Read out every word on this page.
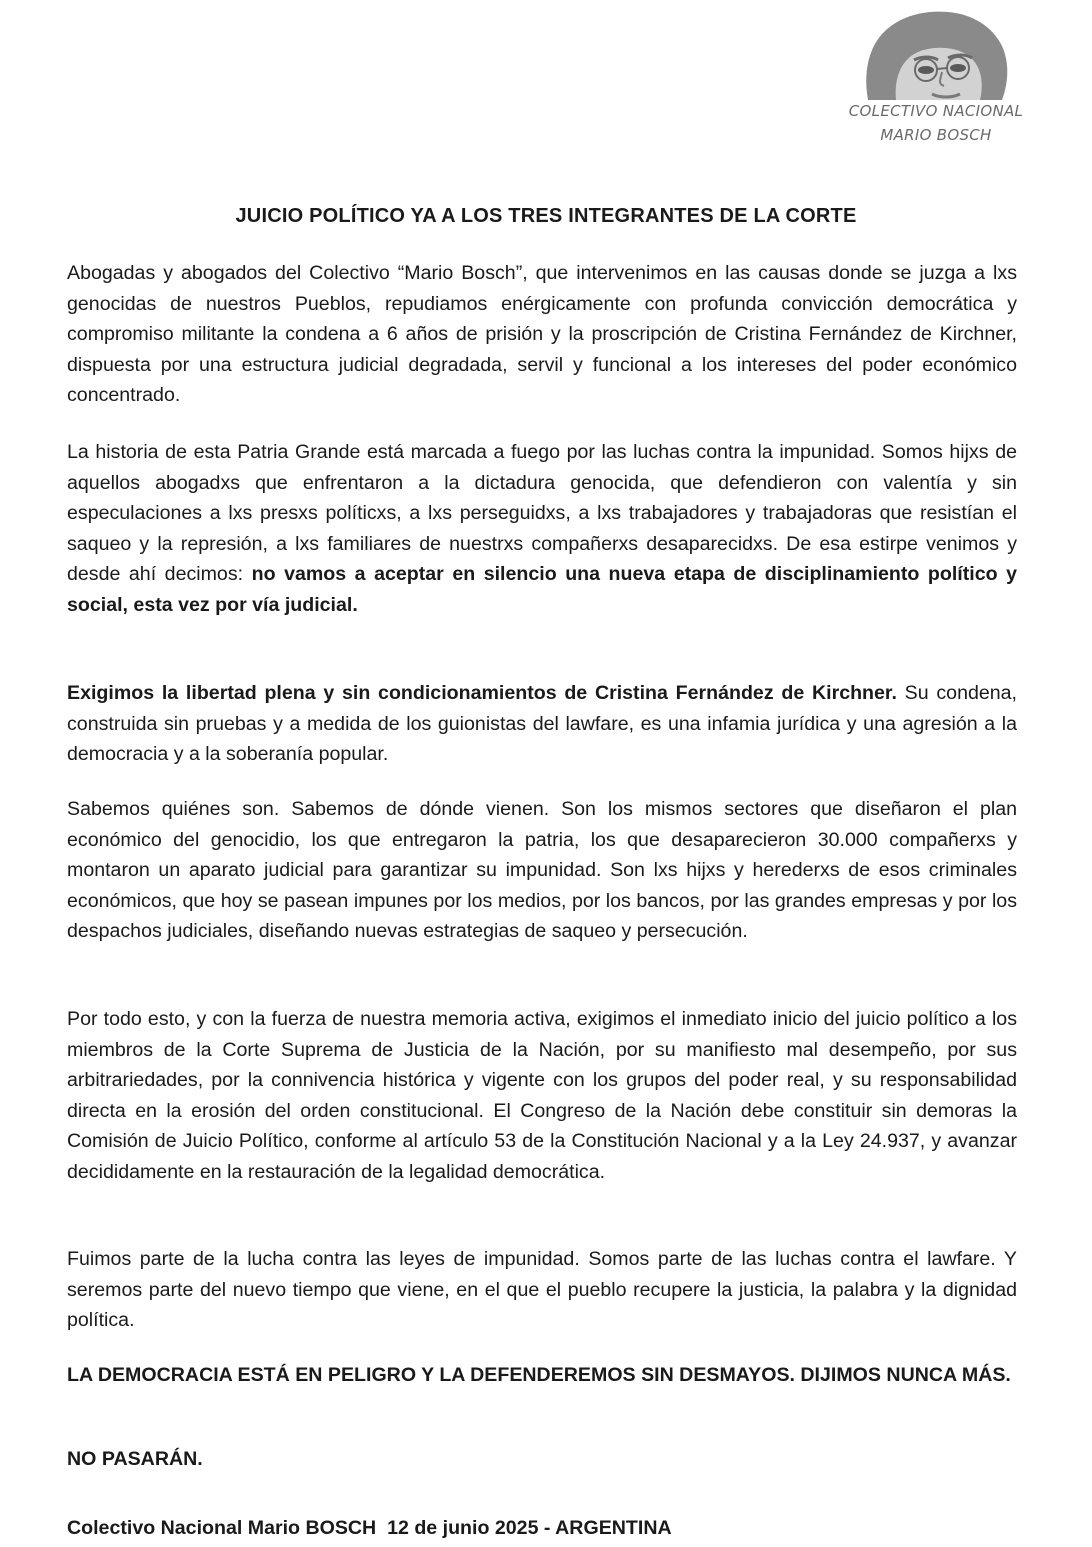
COLECTIVO NACIONAL
MARIO BOSCH
JUICIO POLÍTICO YA A LOS TRES INTEGRANTES DE LA CORTE

Abogadas y abogados del Colectivo “Mario Bosch”, que intervenimos en las causas donde se juzga a lxs genocidas de nuestros Pueblos, repudiamos enérgicamente con profunda convicción democrática y compromiso militante la condena a 6 años de prisión y la proscripción de Cristina Fernández de Kirchner, dispuesta por una estructura judicial degradada, servil y funcional a los intereses del poder económico concentrado.

La historia de esta Patria Grande está marcada a fuego por las luchas contra la impunidad. Somos hijxs de aquellos abogadxs que enfrentaron a la dictadura genocida, que defendieron con valentía y sin especulaciones a lxs presxs políticxs, a lxs perseguidxs, a lxs trabajadores y trabajadoras que resistían el saqueo y la represión, a lxs familiares de nuestrxs compañerxs desaparecidxs. De esa estirpe venimos y desde ahí decimos: no vamos a aceptar en silencio una nueva etapa de disciplinamiento político y social, esta vez por vía judicial.

Exigimos la libertad plena y sin condicionamientos de Cristina Fernández de Kirchner. Su condena, construida sin pruebas y a medida de los guionistas del lawfare, es una infamia jurídica y una agresión a la democracia y a la soberanía popular.

Sabemos quiénes son. Sabemos de dónde vienen. Son los mismos sectores que diseñaron el plan económico del genocidio, los que entregaron la patria, los que desaparecieron 30.000 compañerxs y montaron un aparato judicial para garantizar su impunidad. Son lxs hijxs y herederxs de esos criminales económicos, que hoy se pasean impunes por los medios, por los bancos, por las grandes empresas y por los despachos judiciales, diseñando nuevas estrategias de saqueo y persecución.

Por todo esto, y con la fuerza de nuestra memoria activa, exigimos el inmediato inicio del juicio político a los miembros de la Corte Suprema de Justicia de la Nación, por su manifiesto mal desempeño, por sus arbitrariedades, por la connivencia histórica y vigente con los grupos del poder real, y su responsabilidad directa en la erosión del orden constitucional. El Congreso de la Nación debe constituir sin demoras la Comisión de Juicio Político, conforme al artículo 53 de la Constitución Nacional y a la Ley 24.937, y avanzar decididamente en la restauración de la legalidad democrática.

Fuimos parte de la lucha contra las leyes de impunidad. Somos parte de las luchas contra el lawfare. Y seremos parte del nuevo tiempo que viene, en el que el pueblo recupere la justicia, la palabra y la dignidad política.

LA DEMOCRACIA ESTÁ EN PELIGRO Y LA DEFENDEREMOS SIN DESMAYOS. DIJIMOS NUNCA MÁS.

NO PASARÁN.

Colectivo Nacional Mario BOSCH  12 de junio 2025 - ARGENTINA
